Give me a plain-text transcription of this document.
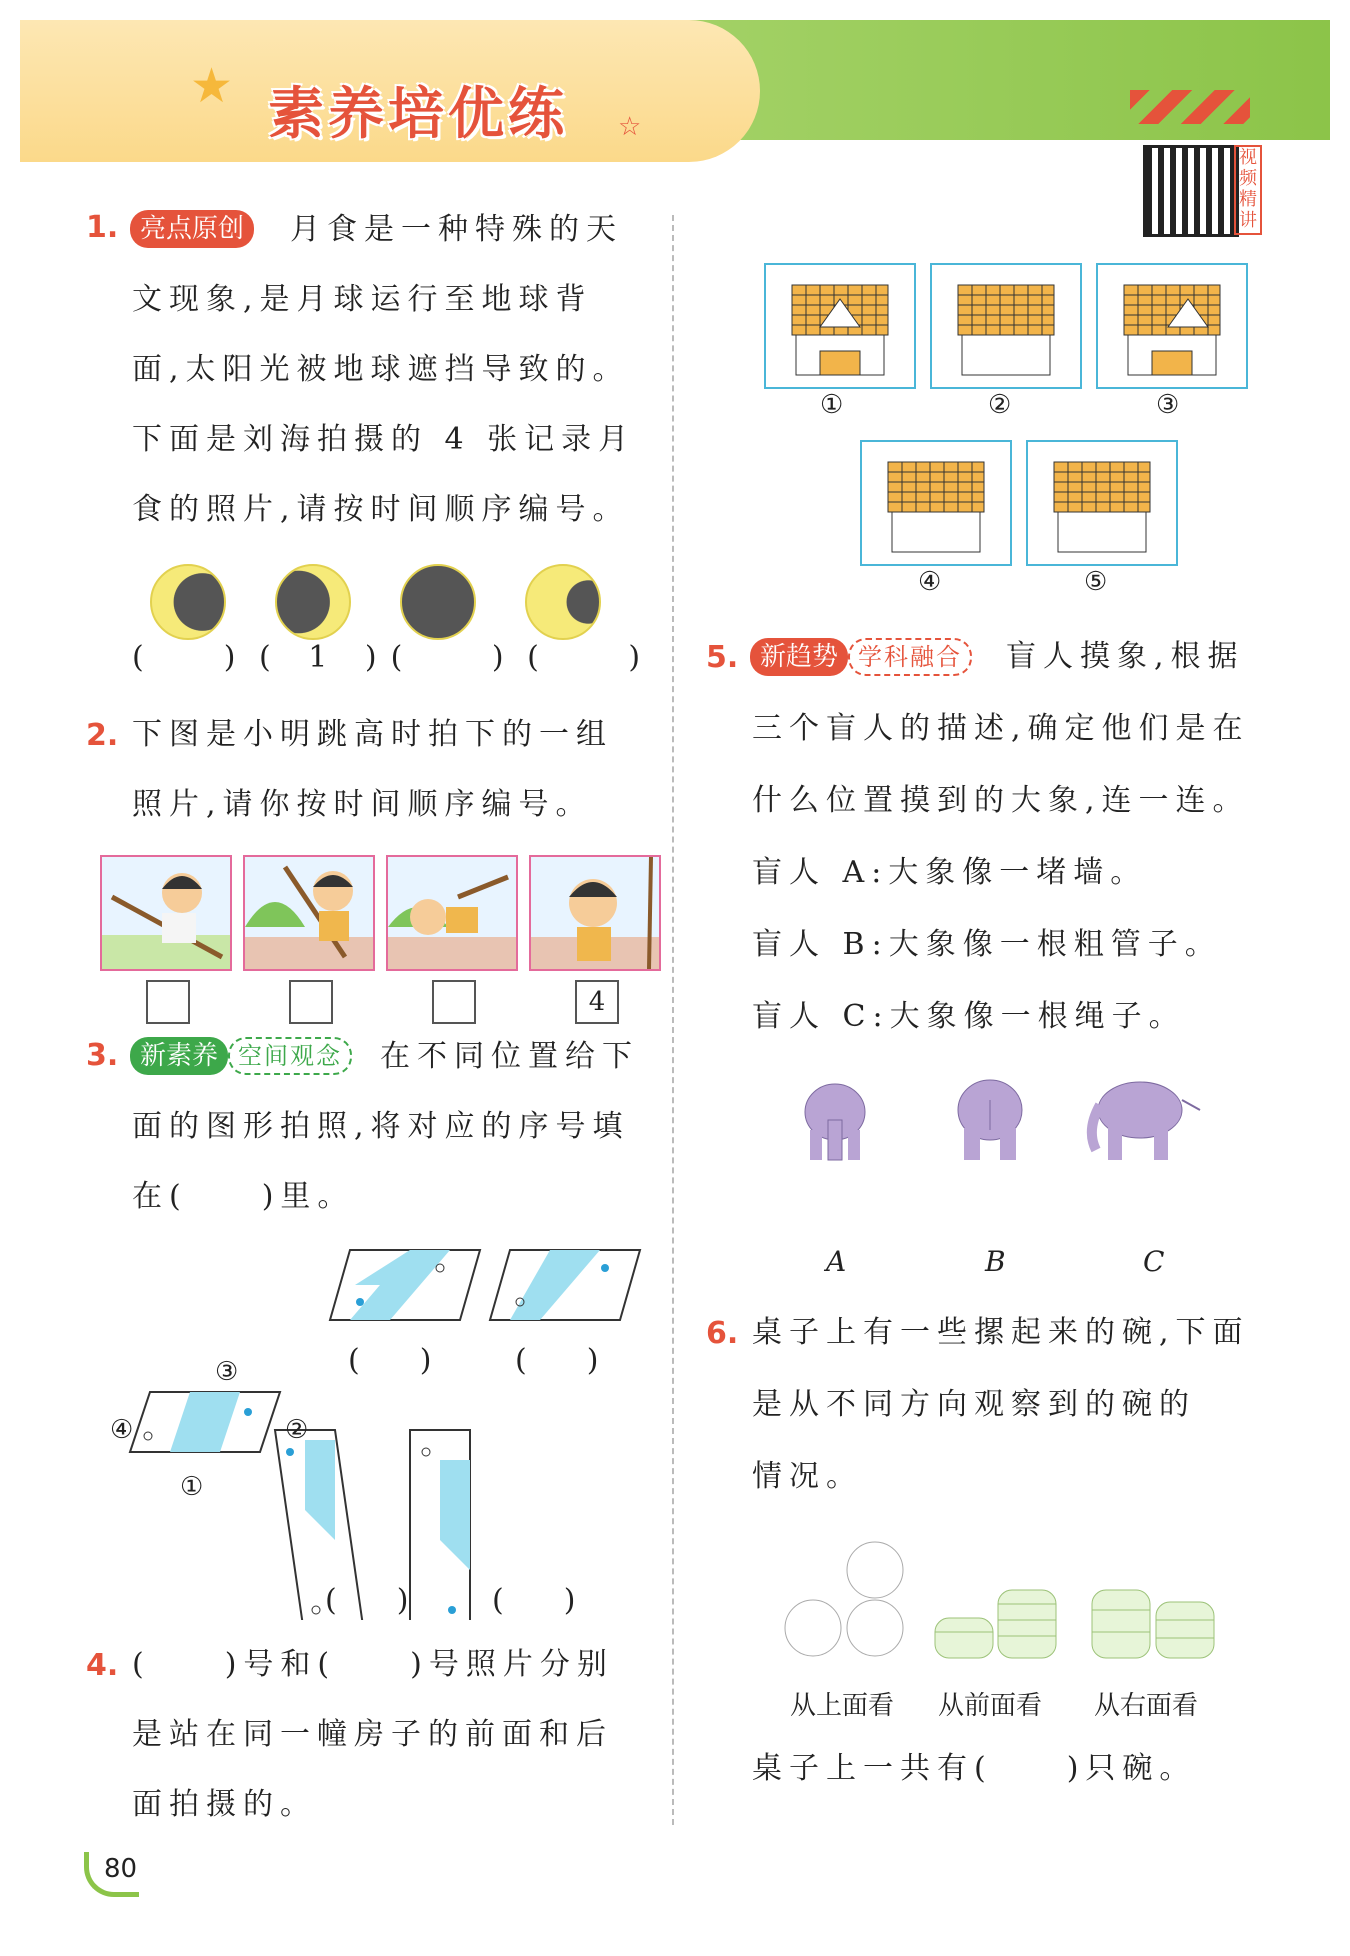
★ 素养培优练 ☆
视频精讲
1. 亮点原创	月食是一种特殊的天
文现象,是月球运行至地球背
面,太阳光被地球遮挡导致的。
下面是刘海拍摄的 4 张记录月
食的照片,请按时间顺序编号。
(	) ( 1 ) (	) (	)
2. 下图是小明跳高时拍下的一组
照片,请你按时间顺序编号。
4
3. 新素养 空间观念	在不同位置给下
面的图形拍照,将对应的序号填
在(　　)里。
③
④	②
①
(　　)	(　　)
(　　)	(　　)
4. (　　)号和(　　)号照片分别
是站在同一幢房子的前面和后
面拍摄的。
①	②	③
④	⑤
5. 新趋势 学科融合	盲人摸象,根据
三个盲人的描述,确定他们是在
什么位置摸到的大象,连一连。
盲人 A:大象像一堵墙。
盲人 B:大象像一根粗管子。
盲人 C:大象像一根绳子。
A	B	C
6. 桌子上有一些摞起来的碗,下面
是从不同方向观察到的碗的
情况。
从上面看 从前面看 从右面看
桌子上一共有(　　)只碗。
80
